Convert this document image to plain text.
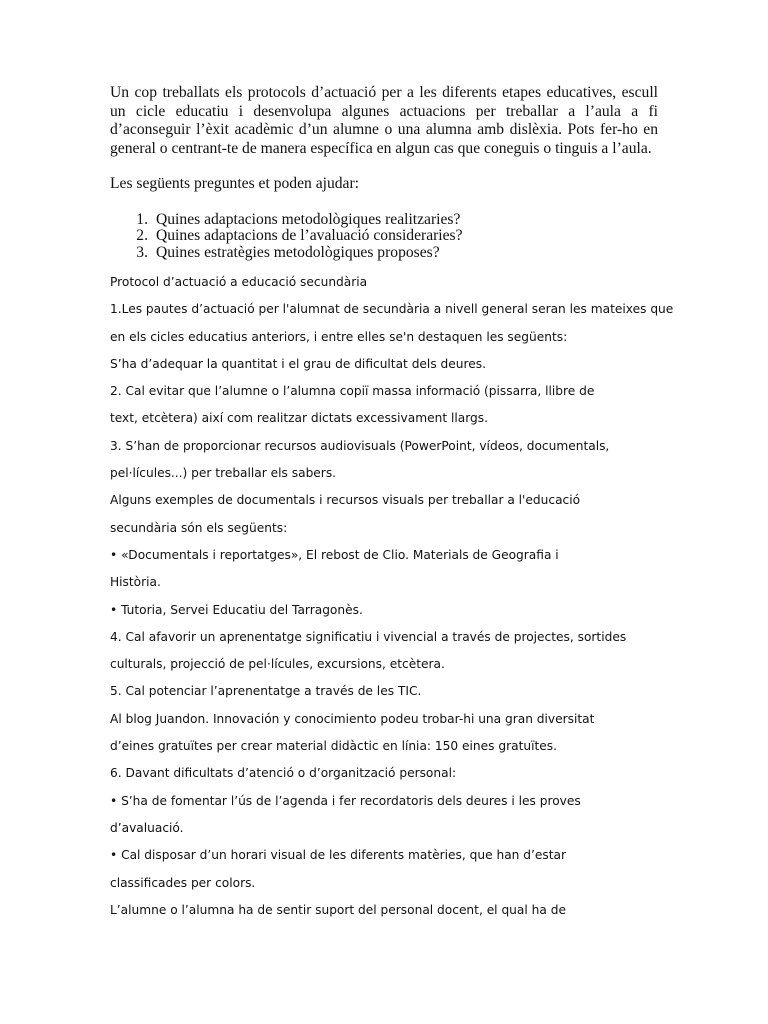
Un cop treballats els protocols d’actuació per a les diferents etapes educatives, escull un cicle educatiu i desenvolupa algunes actuacions per treballar a l’aula a fi d’aconseguir l’èxit acadèmic d’un alumne o una alumna amb dislèxia. Pots fer-ho en general o centrant-te de manera específica en algun cas que coneguis o tinguis a l’aula.

Les següents preguntes et poden ajudar:

1. Quines adaptacions metodològiques realitzaries?
2. Quines adaptacions de l’avaluació consideraries?
3. Quines estratègies metodològiques proposes?
Protocol d’actuació a educació secundària
1.Les pautes d’actuació per l'alumnat de secundària a nivell general seran les mateixes que
en els cicles educatius anteriors, i entre elles se'n destaquen les següents:
S’ha d’adequar la quantitat i el grau de dificultat dels deures.
2. Cal evitar que l’alumne o l’alumna copiï massa informació (pissarra, llibre de
text, etcètera) així com realitzar dictats excessivament llargs.
3. S’han de proporcionar recursos audiovisuals (PowerPoint, vídeos, documentals,
pel·lícules...) per treballar els sabers.
Alguns exemples de documentals i recursos visuals per treballar a l'educació
secundària són els següents:
• «Documentals i reportatges», El rebost de Clio. Materials de Geografia i
Història.
• Tutoria, Servei Educatiu del Tarragonès.
4. Cal afavorir un aprenentatge significatiu i vivencial a través de projectes, sortides
culturals, projecció de pel·lícules, excursions, etcètera.
5. Cal potenciar l’aprenentatge a través de les TIC.
Al blog Juandon. Innovación y conocimiento podeu trobar-hi una gran diversitat
d’eines gratuïtes per crear material didàctic en línia: 150 eines gratuïtes.
6. Davant dificultats d’atenció o d’organització personal:
• S’ha de fomentar l’ús de l’agenda i fer recordatoris dels deures i les proves
d’avaluació.
• Cal disposar d’un horari visual de les diferents matèries, que han d’estar
classificades per colors.
L’alumne o l’alumna ha de sentir suport del personal docent, el qual ha de
